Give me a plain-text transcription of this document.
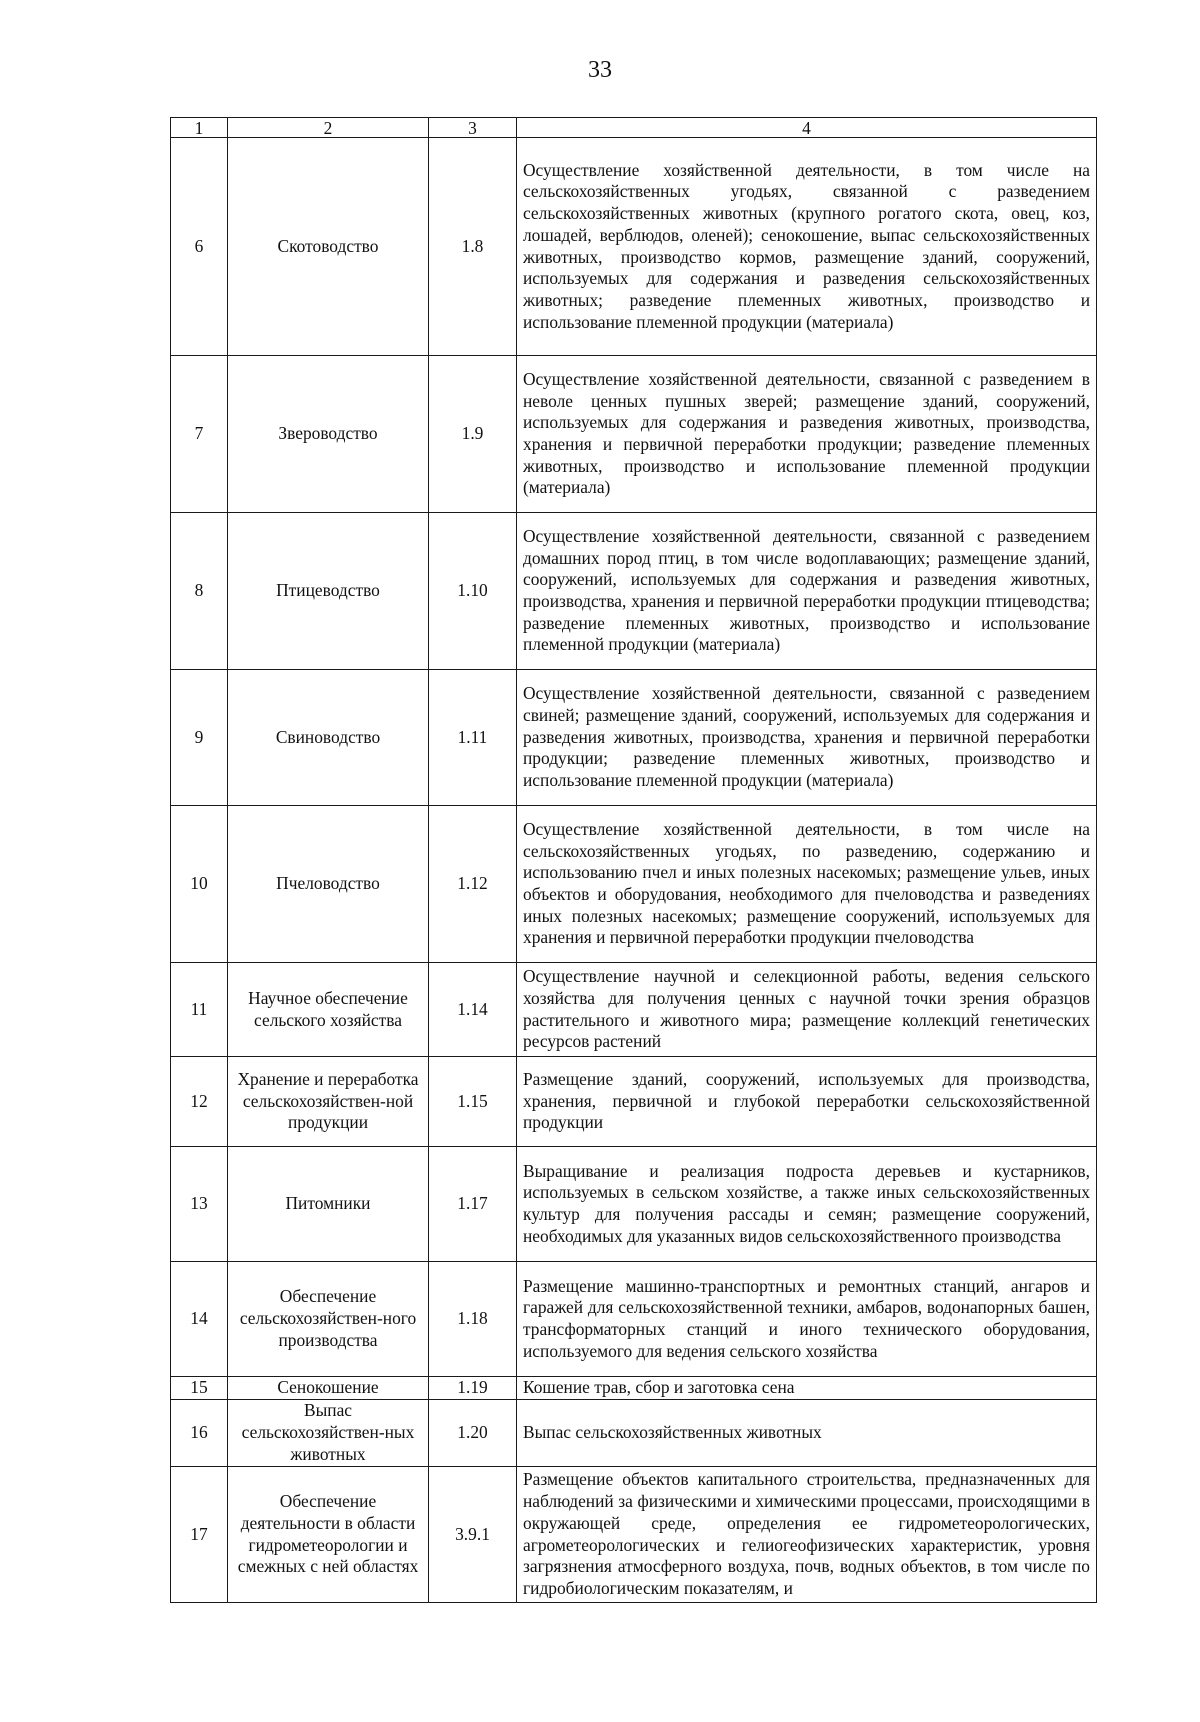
33
1	2	3	4
6	Скотоводство	1.8	Осуществление хозяйственной деятельности, в том числе на сельскохозяйственных угодьях, связанной с разведением сельскохозяйственных животных (крупного рогатого скота, овец, коз, лошадей, верблюдов, оленей); сенокошение, выпас сельскохозяйственных животных, производство кормов, размещение зданий, сооружений, используемых для содержания и разведения сельскохозяйственных животных; разведение племенных животных, производство и использование племенной продукции (материала)
7	Звероводство	1.9	Осуществление хозяйственной деятельности, связанной с разведением в неволе ценных пушных зверей; размещение зданий, сооружений, используемых для содержания и разведения животных, производства, хранения и первичной переработки продукции; разведение племенных животных, производство и использование племенной продукции (материала)
8	Птицеводство	1.10	Осуществление хозяйственной деятельности, связанной с разведением домашних пород птиц, в том числе водоплавающих; размещение зданий, сооружений, используемых для содержания и разведения животных, производства, хранения и первичной переработки продукции птицеводства; разведение племенных животных, производство и использование племенной продукции (материала)
9	Свиноводство	1.11	Осуществление хозяйственной деятельности, связанной с разведением свиней; размещение зданий, сооружений, используемых для содержания и разведения животных, производства, хранения и первичной переработки продукции; разведение племенных животных, производство и использование племенной продукции (материала)
10	Пчеловодство	1.12	Осуществление хозяйственной деятельности, в том числе на сельскохозяйственных угодьях, по разведению, содержанию и использованию пчел и иных полезных насекомых; размещение ульев, иных объектов и оборудования, необходимого для пчеловодства и разведениях иных полезных насекомых; размещение сооружений, используемых для хранения и первичной переработки продукции пчеловодства
11	Научное обеспечение сельского хозяйства	1.14	Осуществление научной и селекционной работы, ведения сельского хозяйства для получения ценных с научной точки зрения образцов растительного и животного мира; размещение коллекций генетических ресурсов растений
12	Хранение и переработка сельскохозяйствен-ной продукции	1.15	Размещение зданий, сооружений, используемых для производства, хранения, первичной и глубокой переработки сельскохозяйственной продукции
13	Питомники	1.17	Выращивание и реализация подроста деревьев и кустарников, используемых в сельском хозяйстве, а также иных сельскохозяйственных культур для получения рассады и семян; размещение сооружений, необходимых для указанных видов сельскохозяйственного производства
14	Обеспечение сельскохозяйствен-ного производства	1.18	Размещение машинно-транспортных и ремонтных станций, ангаров и гаражей для сельскохозяйственной техники, амбаров, водонапорных башен, трансформаторных станций и иного технического оборудования, используемого для ведения сельского хозяйства
15	Сенокошение	1.19	Кошение трав, сбор и заготовка сена
16	Выпас сельскохозяйствен-ных животных	1.20	Выпас сельскохозяйственных животных
17	Обеспечение деятельности в области гидрометеорологии и смежных с ней областях	3.9.1	Размещение объектов капитального строительства, предназначенных для наблюдений за физическими и химическими процессами, происходящими в окружающей среде, определения ее гидрометеорологических, агрометеорологических и гелиогеофизических характеристик, уровня загрязнения атмосферного воздуха, почв, водных объектов, в том числе по гидробиологическим показателям, и
